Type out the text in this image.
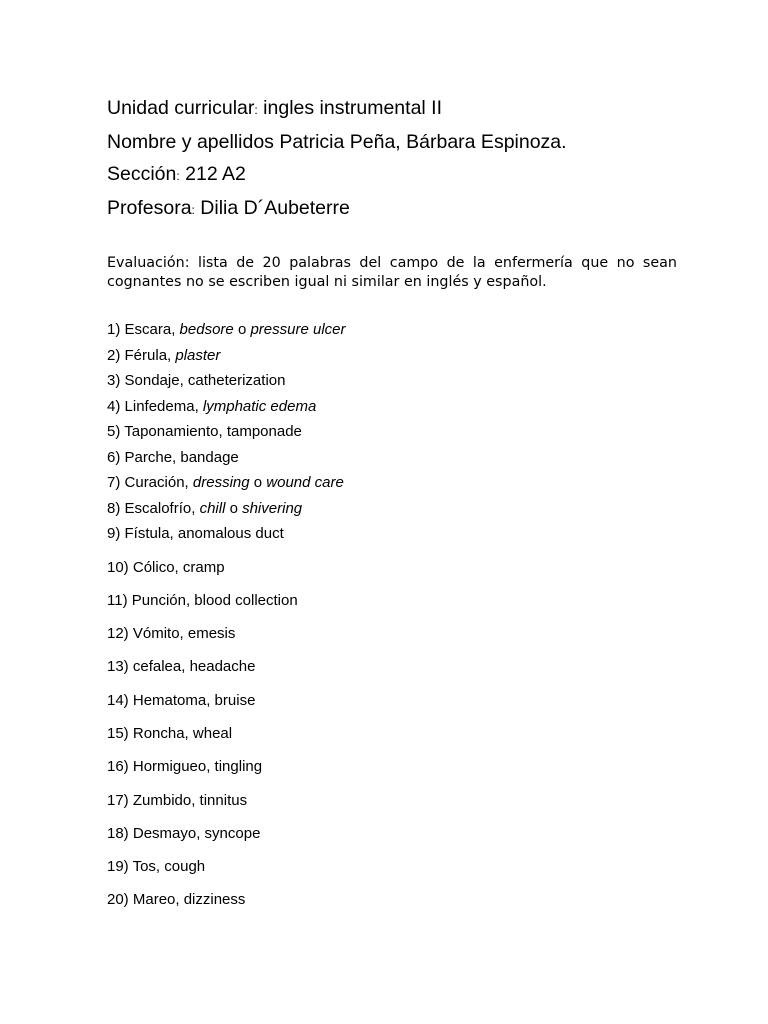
Unidad curricular: ingles instrumental II

Nombre y apellidos Patricia Peña, Bárbara Espinoza.

Sección: 212 A2

Profesora: Dilia D´Aubeterre

Evaluación: lista de 20 palabras del campo de la enfermería que no sean cognantes no se escriben igual ni similar en inglés y español.

1) Escara, bedsore o pressure ulcer
2) Férula, plaster
3) Sondaje, catheterization
4) Linfedema, lymphatic edema
5) Taponamiento, tamponade
6) Parche, bandage
7) Curación, dressing o wound care
8) Escalofrío, chill o shivering
9) Fístula, anomalous duct
10) Cólico, cramp
11) Punción, blood collection
12) Vómito, emesis
13) cefalea, headache
14) Hematoma, bruise
15) Roncha, wheal
16) Hormigueo, tingling
17) Zumbido, tinnitus
18) Desmayo, syncope
19) Tos, cough
20) Mareo, dizziness
